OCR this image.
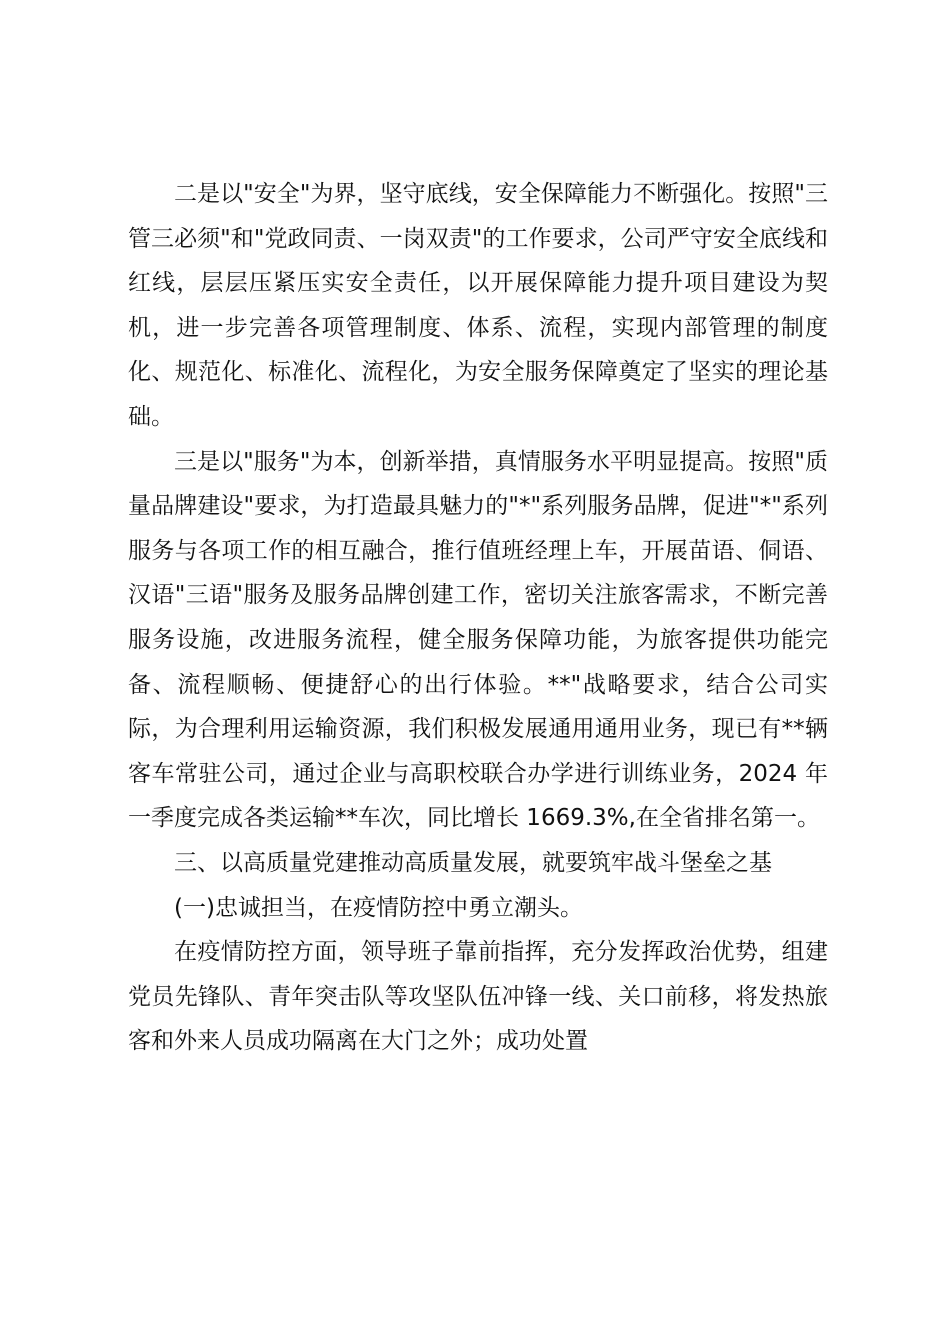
二是以"安全"为界，坚守底线，安全保障能力不断强化。按照"三管三必须"和"党政同责、一岗双责"的工作要求，公司严守安全底线和红线，层层压紧压实安全责任，以开展保障能力提升项目建设为契机，进一步完善各项管理制度、体系、流程，实现内部管理的制度化、规范化、标准化、流程化，为安全服务保障奠定了坚实的理论基础。

三是以"服务"为本，创新举措，真情服务水平明显提高。按照"质量品牌建设"要求，为打造最具魅力的"*"系列服务品牌，促进"*"系列服务与各项工作的相互融合，推行值班经理上车，开展苗语、侗语、汉语"三语"服务及服务品牌创建工作，密切关注旅客需求，不断完善服务设施，改进服务流程，健全服务保障功能，为旅客提供功能完备、流程顺畅、便捷舒心的出行体验。**"战略要求，结合公司实际，为合理利用运输资源，我们积极发展通用通用业务，现已有**辆客车常驻公司，通过企业与高职校联合办学进行训练业务，2024 年一季度完成各类运输**车次，同比增长 1669.3%,在全省排名第一。

三、以高质量党建推动高质量发展，就要筑牢战斗堡垒之基

(一)忠诚担当，在疫情防控中勇立潮头。

在疫情防控方面，领导班子靠前指挥，充分发挥政治优势，组建党员先锋队、青年突击队等攻坚队伍冲锋一线、关口前移，将发热旅客和外来人员成功隔离在大门之外；成功处置
